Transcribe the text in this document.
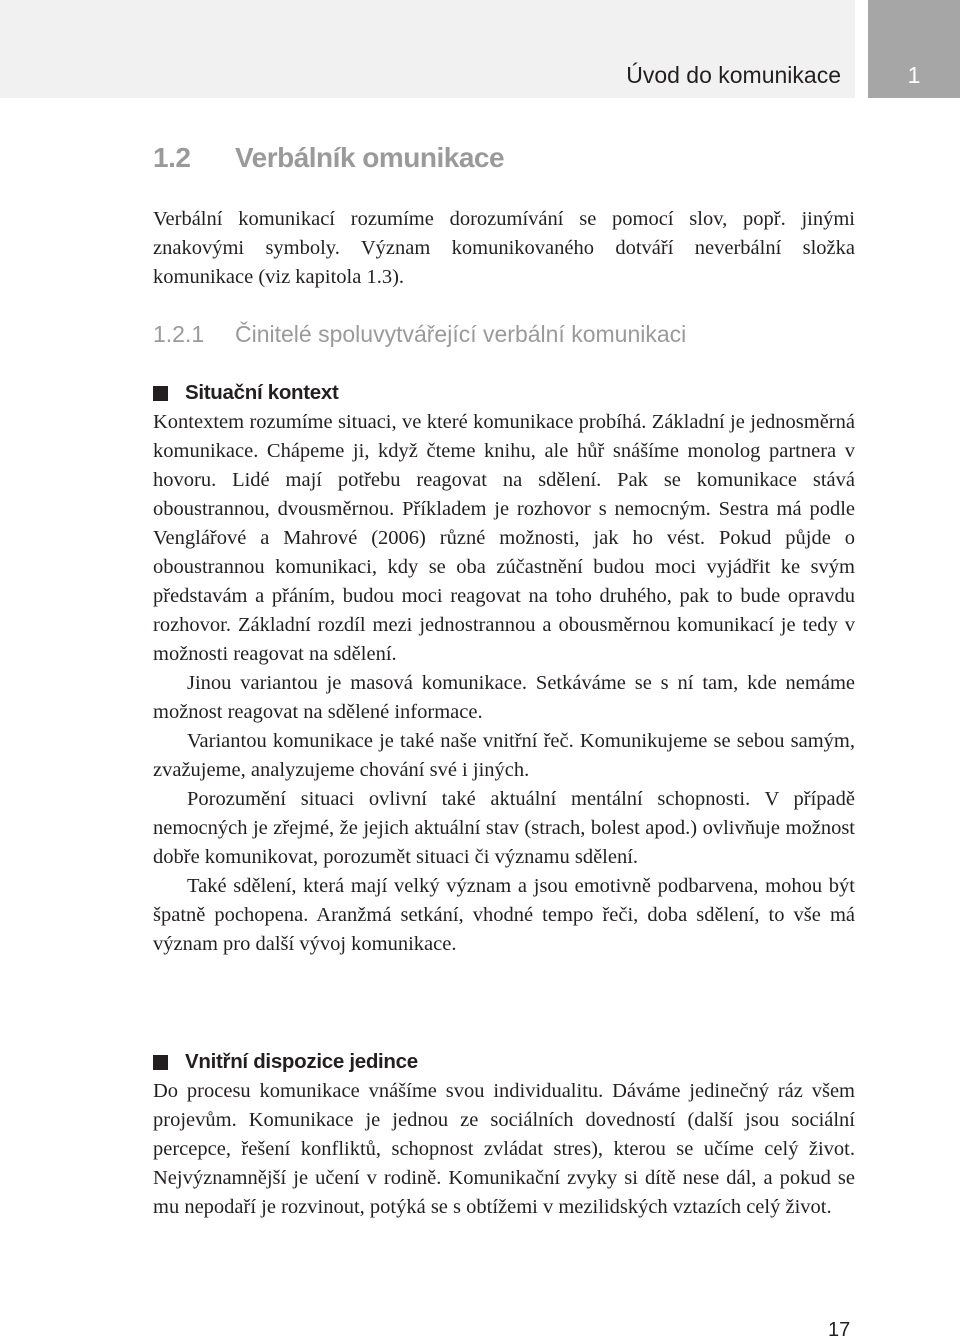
Úvod do komunikace	1
1.2 Verbálník omunikace

Verbální komunikací rozumíme dorozumívání se pomocí slov, popř. jinými znakovými symboly. Význam komunikovaného dotváří neverbální složka komunikace (viz kapitola 1.3).

1.2.1 Činitelé spoluvytvářející verbální komunikaci
Situační kontext

Kontextem rozumíme situaci, ve které komunikace probíhá. Základní je jednosměrná komunikace. Chápeme ji, když čteme knihu, ale hůř snášíme monolog partnera v hovoru. Lidé mají potřebu reagovat na sdělení. Pak se komunikace stává oboustrannou, dvousměrnou. Příkladem je rozhovor s nemocným. Sestra má podle Venglářové a Mahrové (2006) různé možnosti, jak ho vést. Pokud půjde o oboustrannou komunikaci, kdy se oba zúčastnění budou moci vyjádřit ke svým představám a přáním, budou moci reagovat na toho druhého, pak to bude opravdu rozhovor. Základní rozdíl mezi jednostrannou a obousměrnou komunikací je tedy v možnosti reagovat na sdělení.

Jinou variantou je masová komunikace. Setkáváme se s ní tam, kde nemáme možnost reagovat na sdělené informace.

Variantou komunikace je také naše vnitřní řeč. Komunikujeme se sebou samým, zvažujeme, analyzujeme chování své i jiných.

Porozumění situaci ovlivní také aktuální mentální schopnosti. V případě nemocných je zřejmé, že jejich aktuální stav (strach, bolest apod.) ovlivňuje možnost dobře komunikovat, porozumět situaci či významu sdělení.

Také sdělení, která mají velký význam a jsou emotivně podbarvena, mohou být špatně pochopena. Aranžmá setkání, vhodné tempo řeči, doba sdělení, to vše má význam pro další vývoj komunikace.

Vnitřní dispozice jedince

Do procesu komunikace vnášíme svou individualitu. Dáváme jedinečný ráz všem projevům. Komunikace je jednou ze sociálních dovedností (další jsou sociální percepce, řešení konfliktů, schopnost zvládat stres), kterou se učíme celý život. Nejvýznamnější je učení v rodině. Komunikační zvyky si dítě nese dál, a pokud se mu nepodaří je rozvinout, potýká se s obtížemi v mezilidských vztazích celý život.

17
